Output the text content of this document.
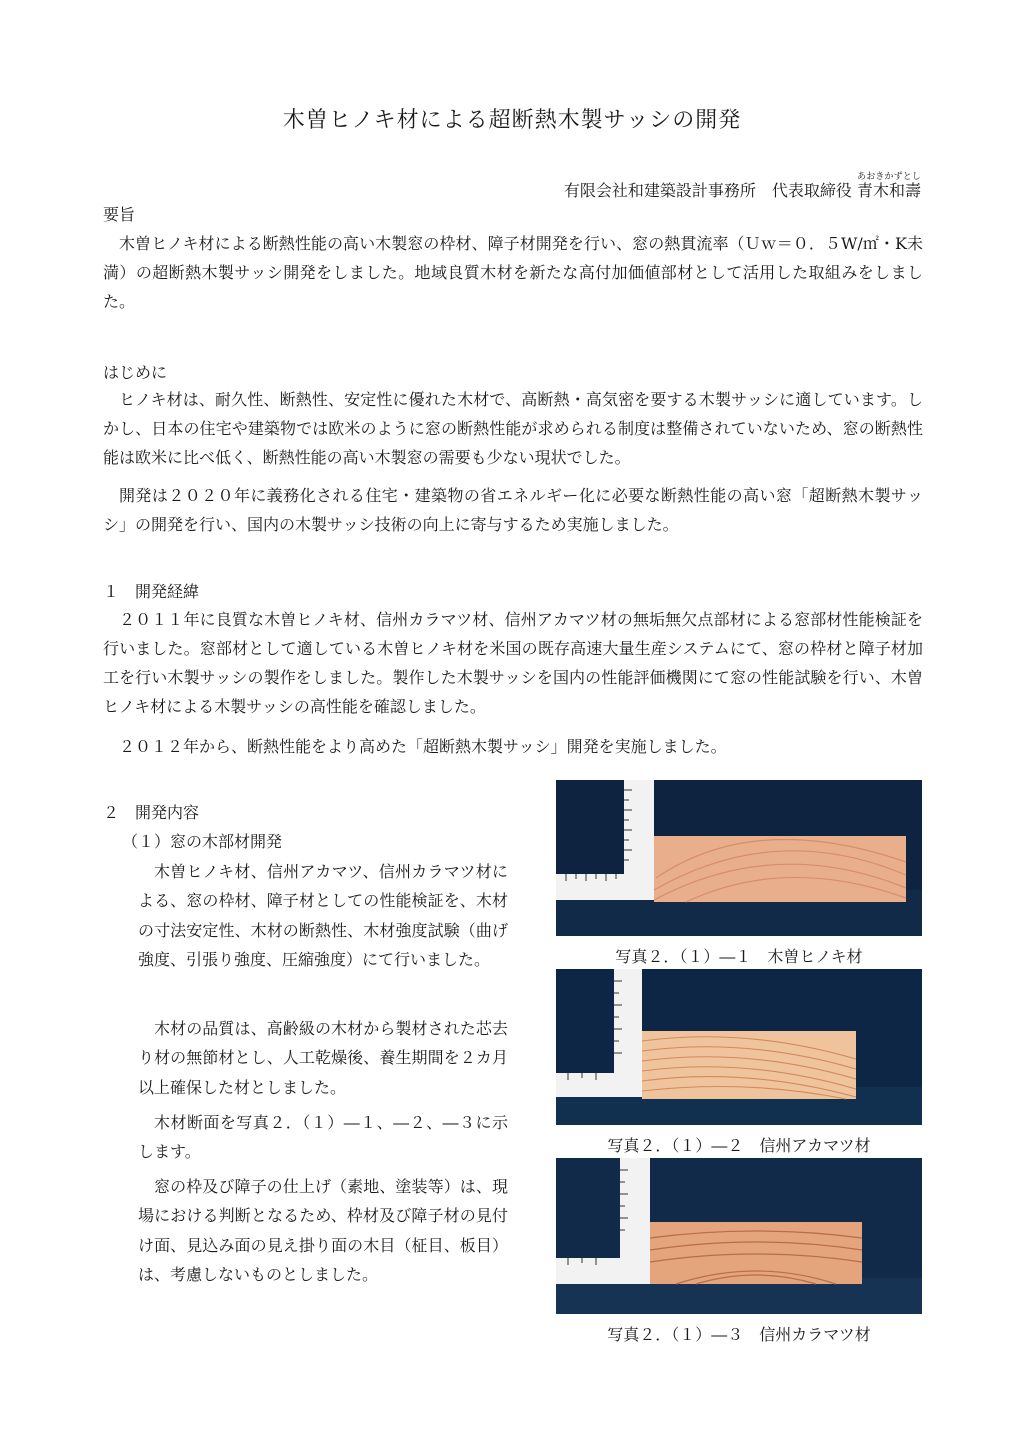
木曽ヒノキ材による超断熱木製サッシの開発
有限会社和建築設計事務所　代表取締役 青木和壽あおきかずとし
要旨

木曽ヒノキ材による断熱性能の高い木製窓の枠材、障子材開発を行い、窓の熱貫流率（Ｕｗ＝０．５W/㎡・K未満）の超断熱木製サッシ開発をしました。地域良質木材を新たな高付加価値部材として活用した取組みをしました。

はじめに

ヒノキ材は、耐久性、断熱性、安定性に優れた木材で、高断熱・高気密を要する木製サッシに適しています。しかし、日本の住宅や建築物では欧米のように窓の断熱性能が求められる制度は整備されていないため、窓の断熱性能は欧米に比べ低く、断熱性能の高い木製窓の需要も少ない現状でした。

開発は２０２０年に義務化される住宅・建築物の省エネルギー化に必要な断熱性能の高い窓「超断熱木製サッシ」の開発を行い、国内の木製サッシ技術の向上に寄与するため実施しました。

１　開発経緯

２０１１年に良質な木曽ヒノキ材、信州カラマツ材、信州アカマツ材の無垢無欠点部材による窓部材性能検証を行いました。窓部材として適している木曽ヒノキ材を米国の既存高速大量生産システムにて、窓の枠材と障子材加工を行い木製サッシの製作をしました。製作した木製サッシを国内の性能評価機関にて窓の性能試験を行い、木曽ヒノキ材による木製サッシの高性能を確認しました。

２０１２年から、断熱性能をより高めた「超断熱木製サッシ」開発を実施しました。

２　開発内容
（１）窓の木部材開発

木曽ヒノキ材、信州アカマツ、信州カラマツ材による、窓の枠材、障子材としての性能検証を、木材の寸法安定性、木材の断熱性、木材強度試験（曲げ強度、引張り強度、圧縮強度）にて行いました。

木材の品質は、高齢級の木材から製材された芯去り材の無節材とし、人工乾燥後、養生期間を２カ月以上確保した材としました。

木材断面を写真２．（１）―１、―２、―３に示します。

窓の枠及び障子の仕上げ（素地、塗装等）は、現場における判断となるため、枠材及び障子材の見付け面、見込み面の見え掛り面の木目（柾目、板目）は、考慮しないものとしました。

写真２．（１）―１　木曽ヒノキ材
写真２．（１）―２　信州アカマツ材
写真２．（１）―３　信州カラマツ材
